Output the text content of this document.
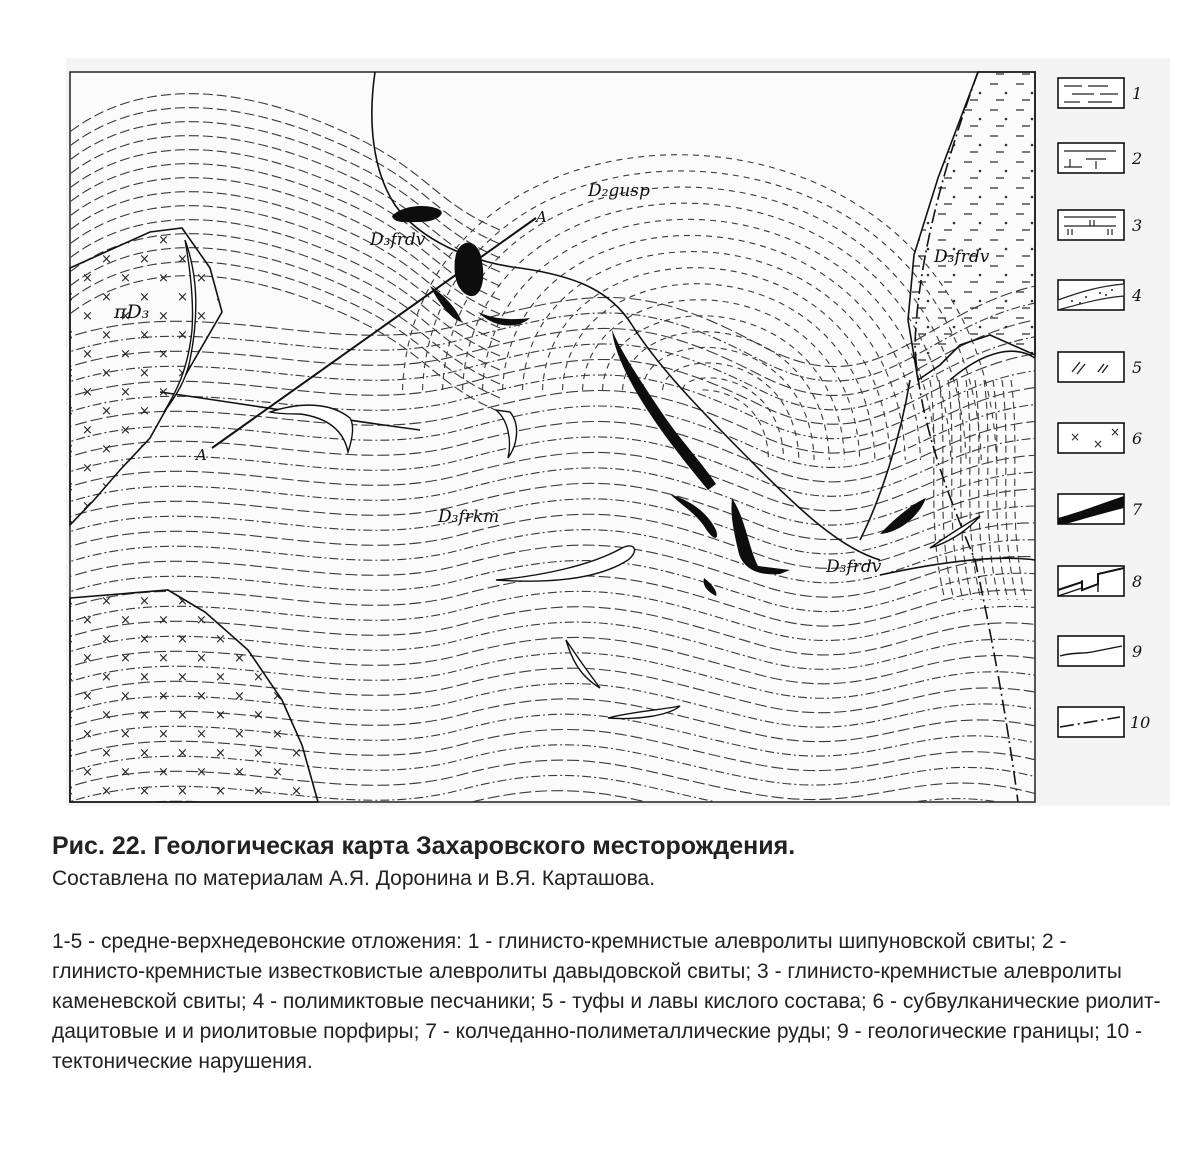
D₂gusp
D₃frdv
D₃frdv
D₃frdv
D₃frkm
πD₃
A
A
1
2
3
4
5
× ×
× 6
7
8
9
10

Рис. 22. Геологическая карта Захаровского месторождения.

Составлена по материалам А.Я. Доронина и В.Я. Карташова.

1-5 - средне-верхнедевонские отложения: 1 - глинисто-кремнистые алевролиты шипуновской свиты; 2 - глинисто-кремнистые известковистые алевролиты давыдовской свиты; 3 - глинисто-кремнистые алевролиты каменевской свиты; 4 - полимиктовые песчаники; 5 - туфы и лавы кислого состава; 6 - субвулканические риолит-дацитовые и и риолитовые порфиры; 7 - колчеданно-полиметаллические руды; 9 - геологические границы; 10 - тектонические нарушения.
